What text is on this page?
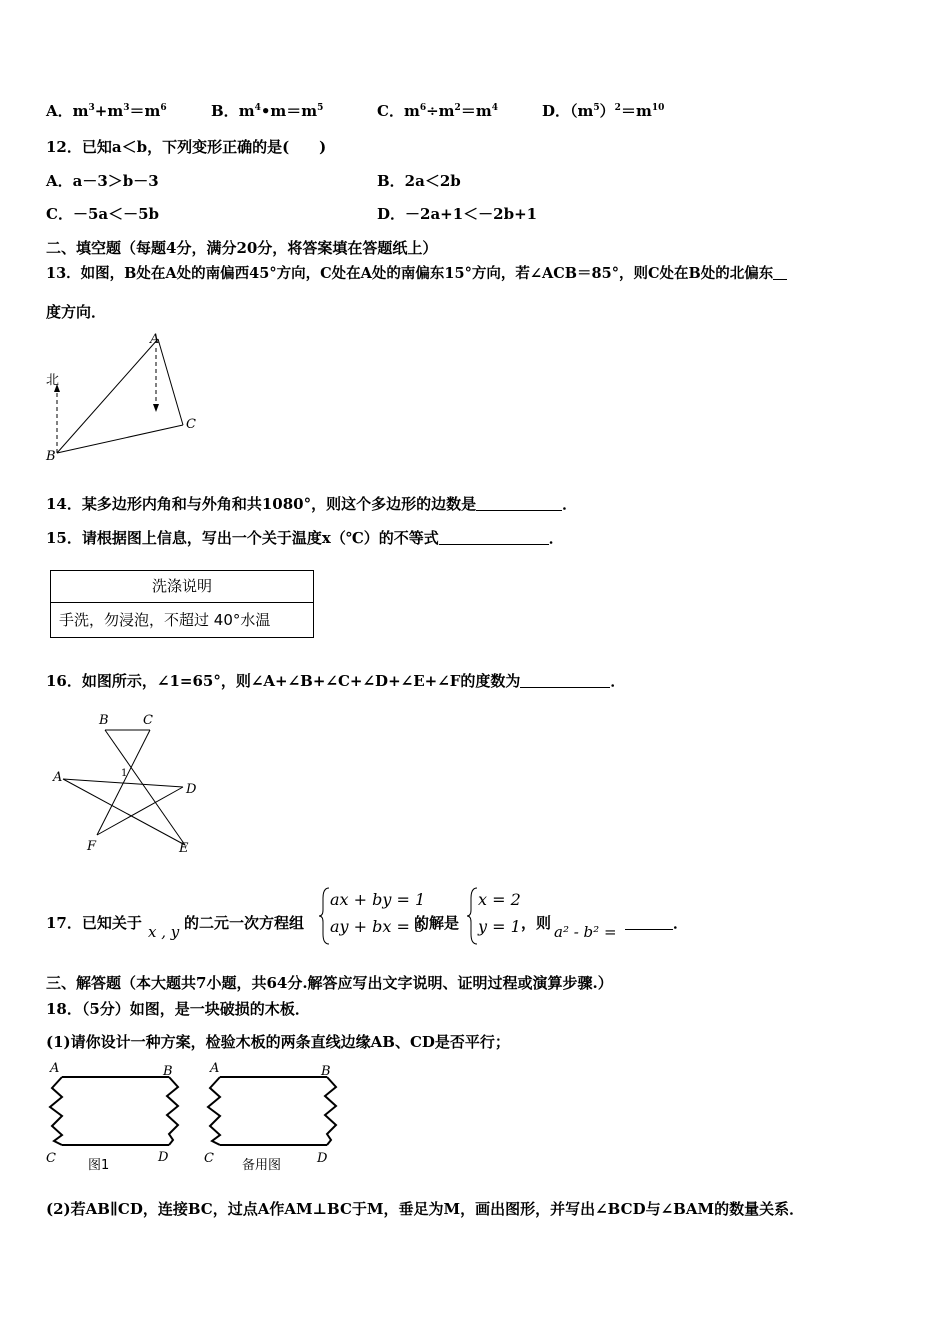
A．$m^3+m^3=m^6$	B．$m^4•m=m^5$	C．$m^6\div m^2=m^4$	D．$(m^5)^2=m^{10}$
12．已知a＜b，下列变形正确的是(　　)
A．a－3＞b－3	B．2a＜2b
C．－5a＜－5b	D．－2a+1＜－2b+1
二、填空题（每题4分，满分20分，将答案填在答题纸上）
13．如图，B处在A处的南偏西45°方向，C处在A处的南偏东15°方向，若∠ACB＝85°，则C处在B处的北偏东
度方向．
A
B
C
北
14．某多边形内角和与外角和共1080°，则这个多边形的边数是	．
15．请根据图上信息，写出一个关于温度x（℃）的不等式	．
洗涤说明
手洗，勿浸泡，不超过 40°水温
16．如图所示，∠1=65°，则∠A+∠B+∠C+∠D+∠E+∠F的度数为	．
B	C
A
D
F	E
1
17．已知关于 x , y 的二元一次方程组
ax + by = 1
ay + bx = 5
的解是
x = 2
y = 1 ，则 a² - b² =	．
三、解答题（本大题共7小题，共64分.解答应写出文字说明、证明过程或演算步骤.）
18．（5分）如图，是一块破损的木板．
(1)请你设计一种方案，检验木板的两条直线边缘AB、CD是否平行；
A	B
C	D
图1
A	B
C	D
备用图
(2)若AB∥CD，连接BC，过点A作AM⊥BC于M，垂足为M，画出图形，并写出∠BCD与∠BAM的数量关系．
